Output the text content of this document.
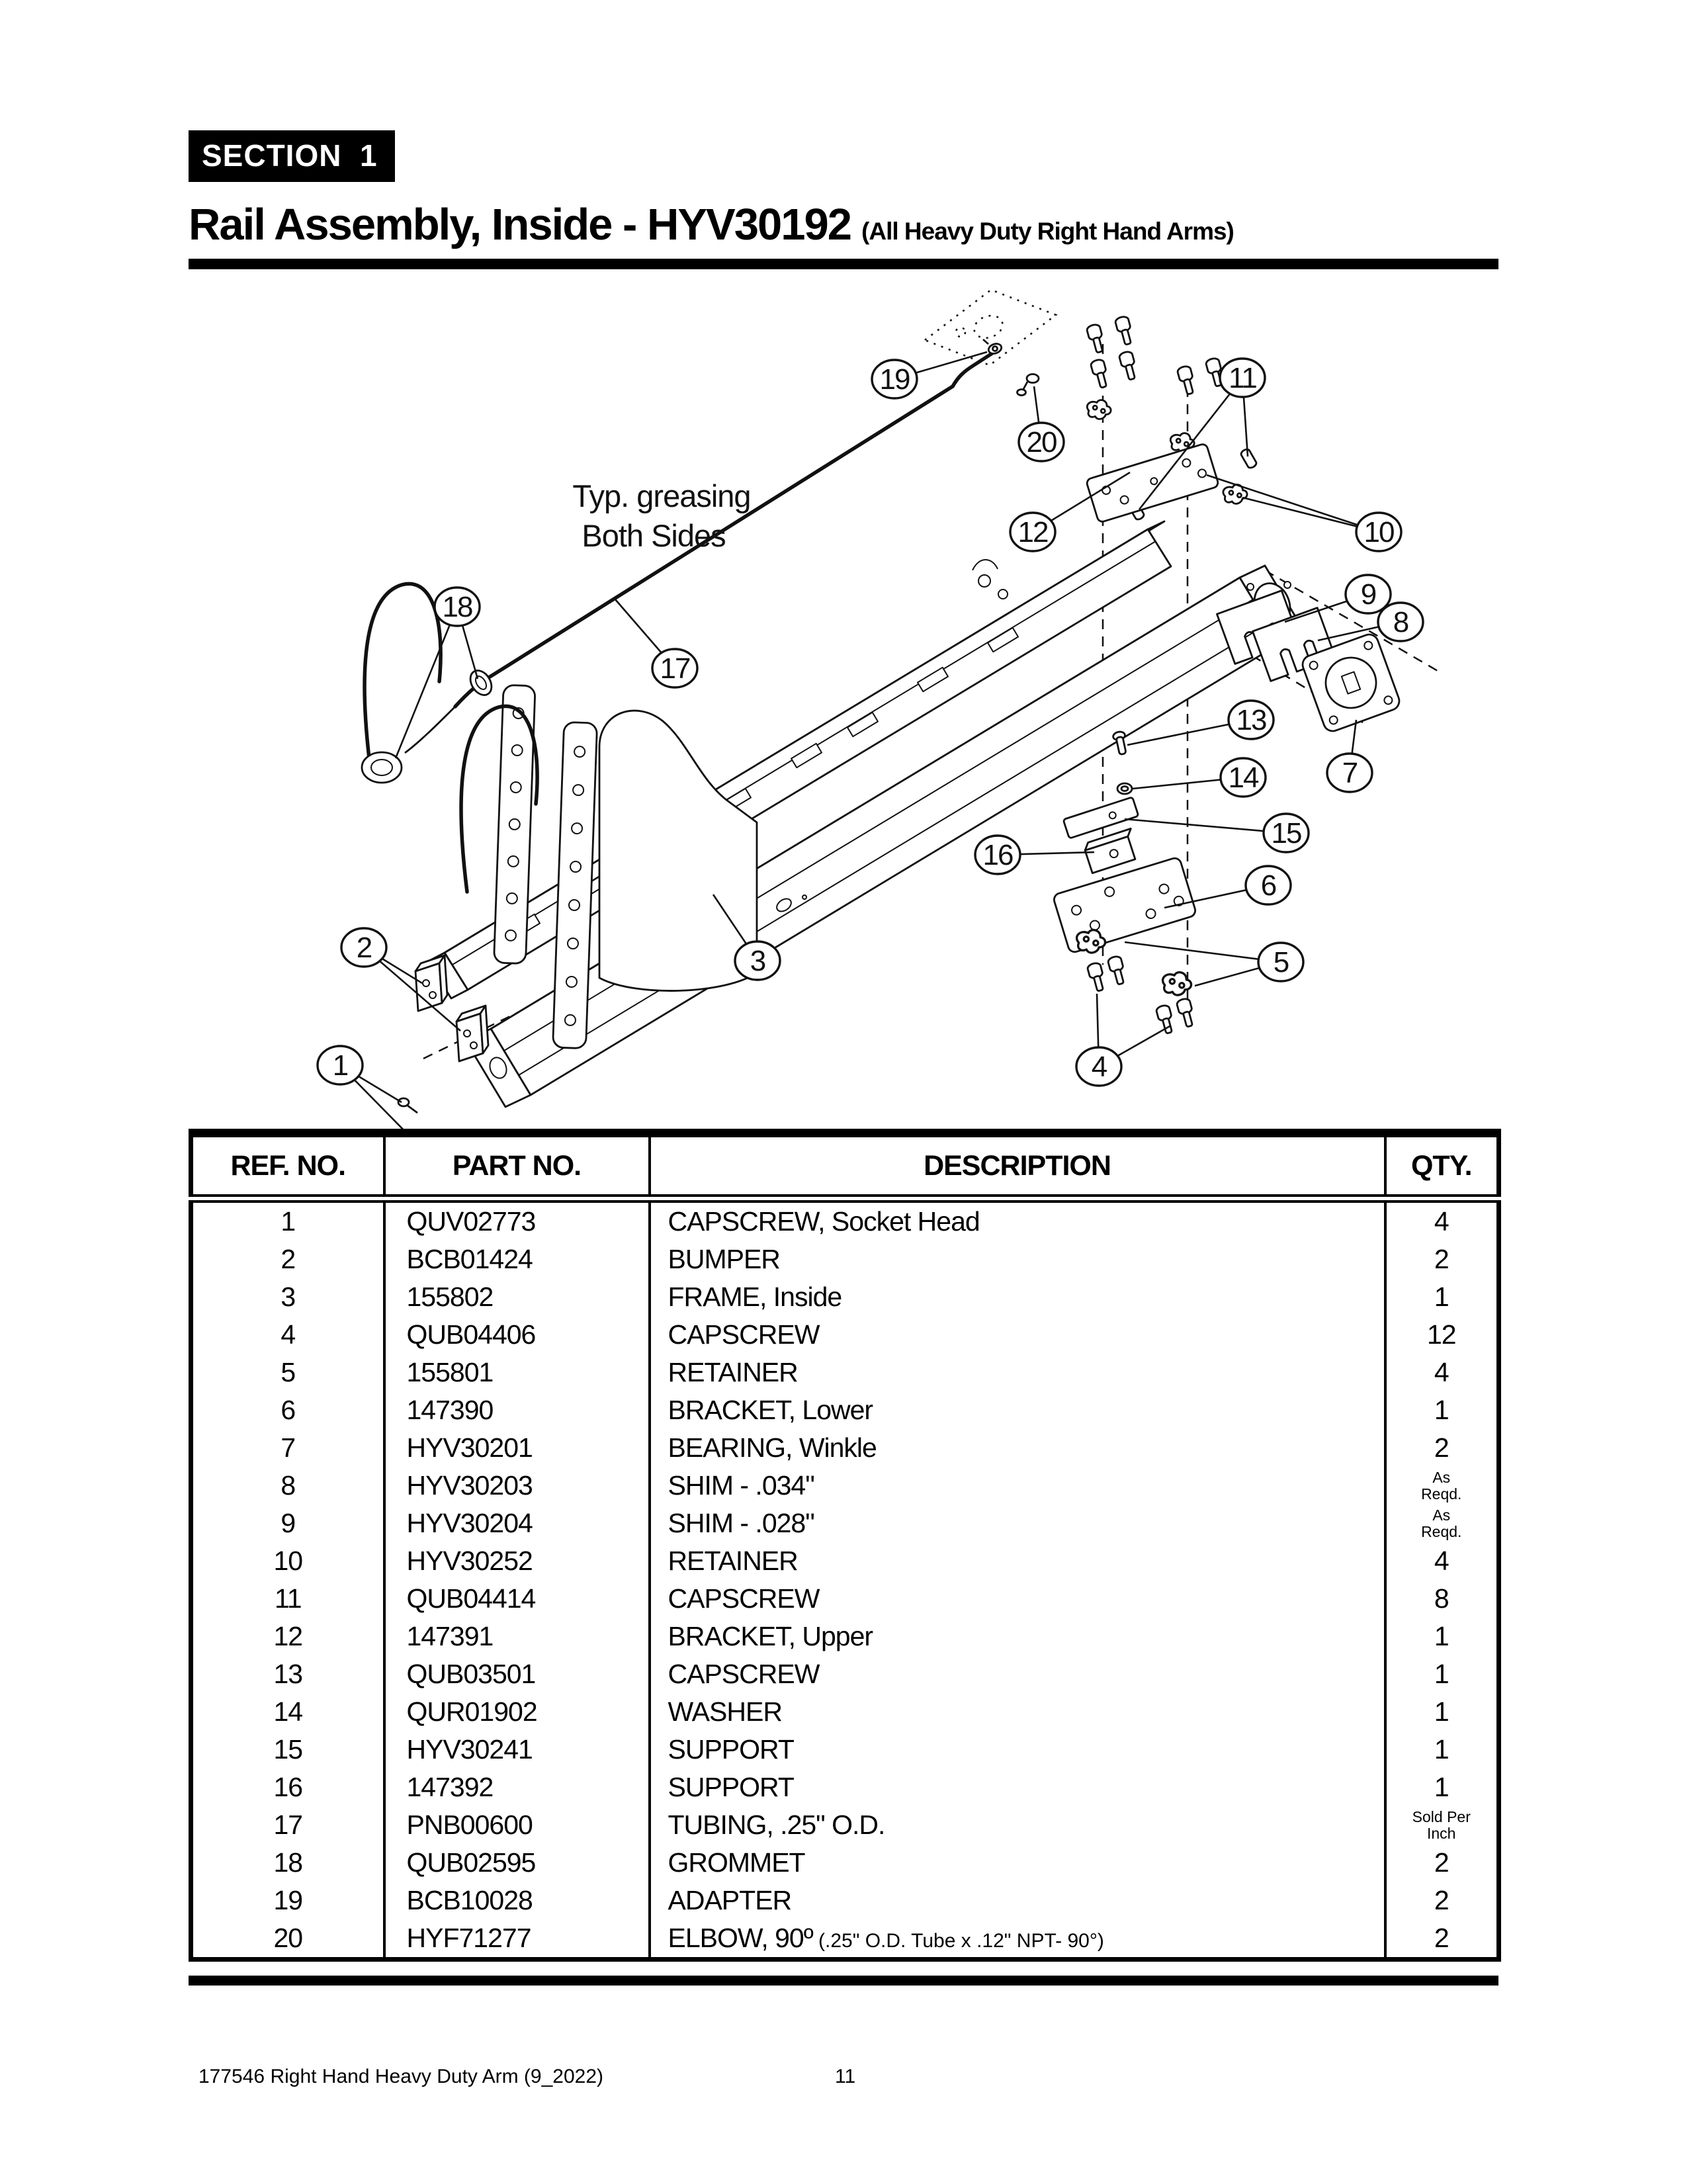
SECTION  1
Rail Assembly, Inside - HYV30192 (All Heavy Duty Right Hand Arms)
Typ. greasing
Both Sides
1
2	3
4
5
6
7
8
9
10
11
12
13
14
15
16
17
18
19
20
REF. NO.	PART NO.	DESCRIPTION	QTY.
1	QUV02773	CAPSCREW, Socket Head	4
2	BCB01424	BUMPER	2
3	155802	FRAME, Inside	1
4	QUB04406	CAPSCREW	12
5	155801	RETAINER	4
6	147390	BRACKET, Lower	1
7	HYV30201	BEARING, Winkle	2
8	HYV30203	SHIM - .034"	As
Reqd.

9	HYV30204	SHIM - .028"	As
Reqd.

10	HYV30252	RETAINER	4
11	QUB04414	CAPSCREW	8
12	147391	BRACKET, Upper	1
13	QUB03501	CAPSCREW	1
14	QUR01902	WASHER	1
15	HYV30241	SUPPORT	1
16	147392	SUPPORT	1
17	PNB00600	TUBING, .25" O.D.	Sold Per
Inch

18	QUB02595	GROMMET	2
19	BCB10028	ADAPTER	2
20	HYF71277	ELBOW, 90º (.25" O.D. Tube x .12" NPT- 90°)	2
177546 Right Hand Heavy Duty Arm (9_2022)	11
